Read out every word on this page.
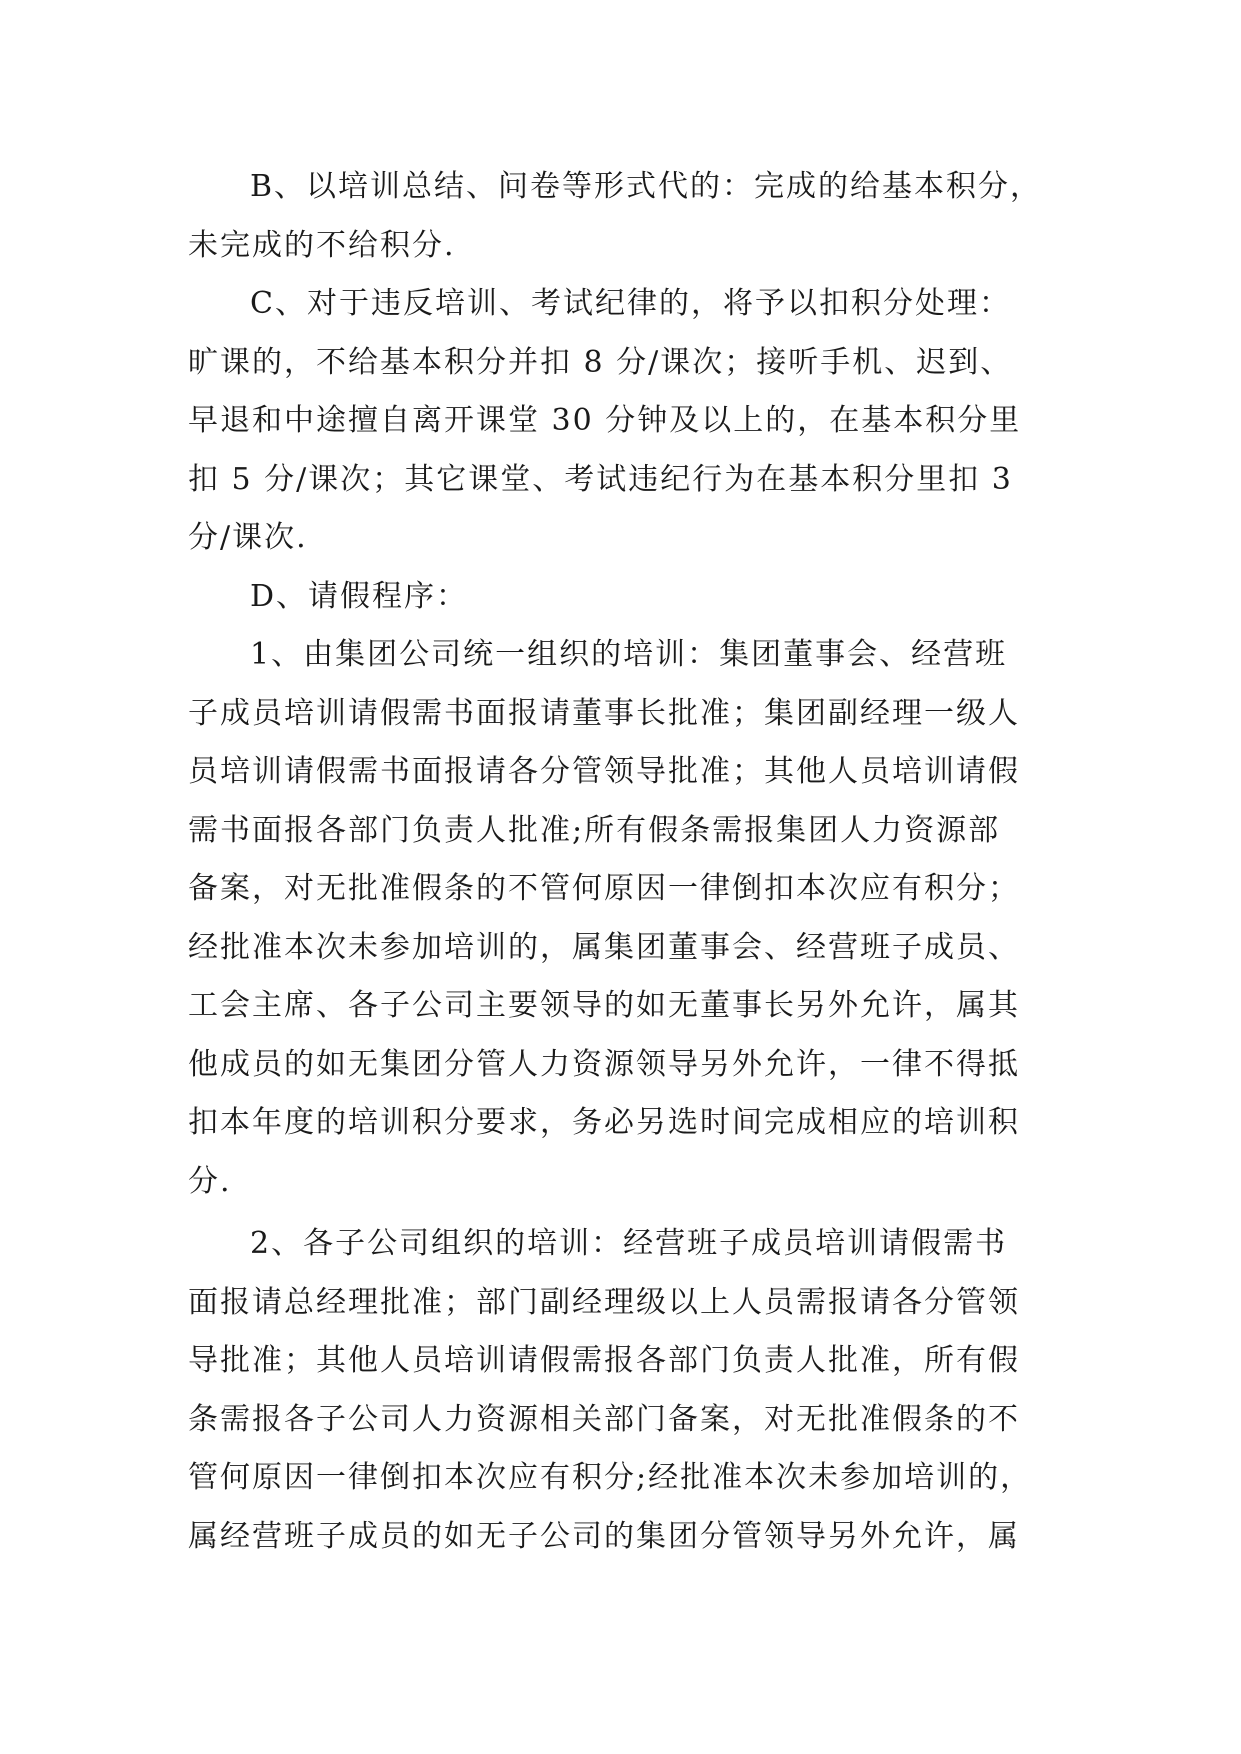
B、以培训总结、问卷等形式代的：完成的给基本积分，
未完成的不给积分.
C、对于违反培训、考试纪律的，将予以扣积分处理：
旷课的，不给基本积分并扣 8 分/课次；接听手机、迟到、
早退和中途擅自离开课堂 30 分钟及以上的，在基本积分里
扣 5 分/课次；其它课堂、考试违纪行为在基本积分里扣 3
分/课次.
D、请假程序：
1、由集团公司统一组织的培训：集团董事会、经营班
子成员培训请假需书面报请董事长批准；集团副经理一级人
员培训请假需书面报请各分管领导批准；其他人员培训请假
需书面报各部门负责人批准;所有假条需报集团人力资源部
备案，对无批准假条的不管何原因一律倒扣本次应有积分；
经批准本次未参加培训的，属集团董事会、经营班子成员、
工会主席、各子公司主要领导的如无董事长另外允许，属其
他成员的如无集团分管人力资源领导另外允许，一律不得抵
扣本年度的培训积分要求，务必另选时间完成相应的培训积
分.
2、各子公司组织的培训：经营班子成员培训请假需书
面报请总经理批准；部门副经理级以上人员需报请各分管领
导批准；其他人员培训请假需报各部门负责人批准，所有假
条需报各子公司人力资源相关部门备案，对无批准假条的不
管何原因一律倒扣本次应有积分;经批准本次未参加培训的，
属经营班子成员的如无子公司的集团分管领导另外允许，属
